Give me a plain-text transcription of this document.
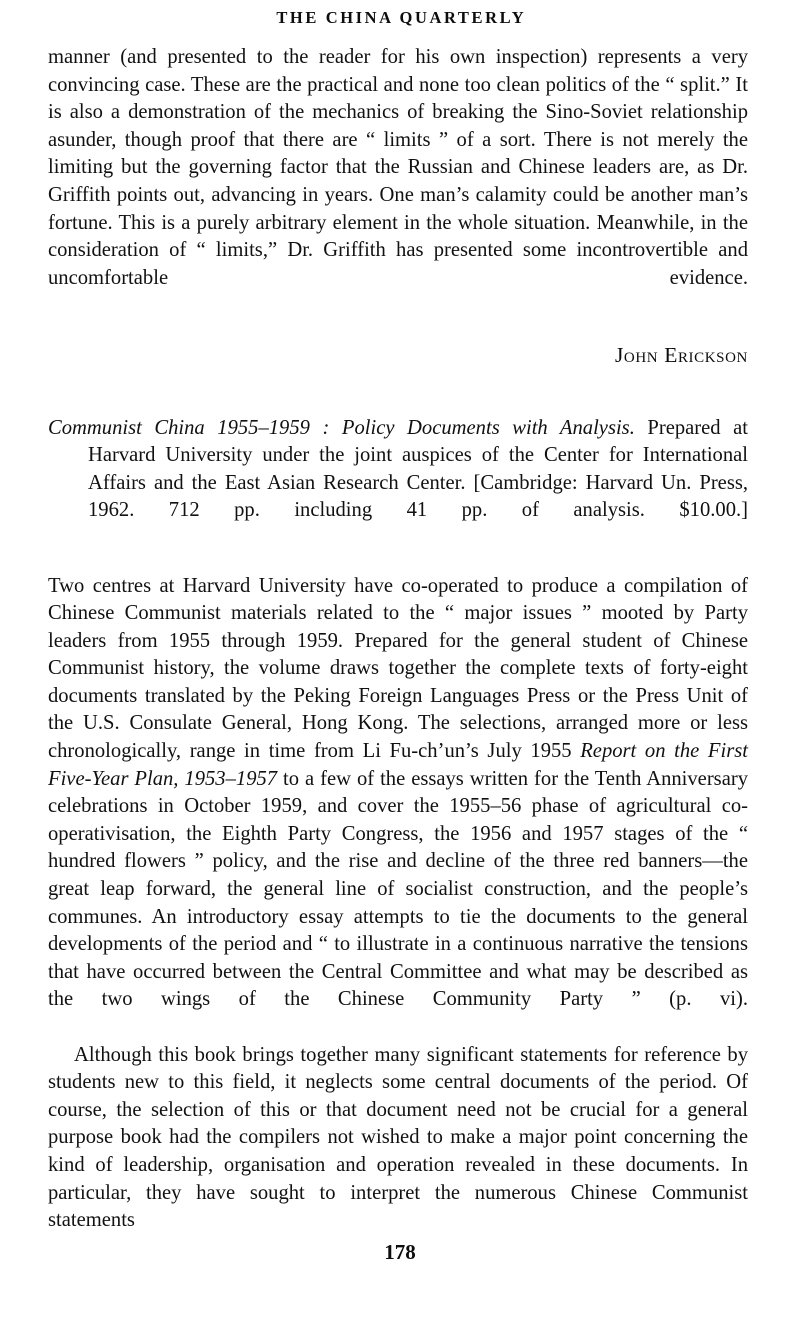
THE CHINA QUARTERLY

manner (and presented to the reader for his own inspection) represents a very convincing case. These are the practical and none too clean politics of the “ split.” It is also a demonstration of the mechanics of breaking the Sino-Soviet relationship asunder, though proof that there are “ limits ” of a sort. There is not merely the limiting but the governing factor that the Russian and Chinese leaders are, as Dr. Griffith points out, advancing in years. One man’s calamity could be another man’s fortune. This is a purely arbitrary element in the whole situation. Meanwhile, in the consideration of “ limits,” Dr. Griffith has presented some incontrovertible and uncomfortable evidence.

John Erickson

Communist China 1955–1959 : Policy Documents with Analysis. Prepared at Harvard University under the joint auspices of the Center for International Affairs and the East Asian Research Center. [Cambridge: Harvard Un. Press, 1962. 712 pp. including 41 pp. of analysis. $10.00.]

Two centres at Harvard University have co-operated to produce a compilation of Chinese Communist materials related to the “ major issues ” mooted by Party leaders from 1955 through 1959. Prepared for the general student of Chinese Communist history, the volume draws together the complete texts of forty-eight documents translated by the Peking Foreign Languages Press or the Press Unit of the U.S. Consulate General, Hong Kong. The selections, arranged more or less chronologically, range in time from Li Fu-ch’un’s July 1955 Report on the First Five-Year Plan, 1953–1957 to a few of the essays written for the Tenth Anniversary celebrations in October 1959, and cover the 1955–56 phase of agricultural co-operativisation, the Eighth Party Congress, the 1956 and 1957 stages of the “ hundred flowers ” policy, and the rise and decline of the three red banners—the great leap forward, the general line of socialist construction, and the people’s communes. An introductory essay attempts to tie the documents to the general developments of the period and “ to illustrate in a continuous narrative the tensions that have occurred between the Central Committee and what may be described as the two wings of the Chinese Community Party ” (p. vi).

Although this book brings together many significant statements for reference by students new to this field, it neglects some central documents of the period. Of course, the selection of this or that document need not be crucial for a general purpose book had the compilers not wished to make a major point concerning the kind of leadership, organisation and operation revealed in these documents. In particular, they have sought to interpret the numerous Chinese Communist statements

178
